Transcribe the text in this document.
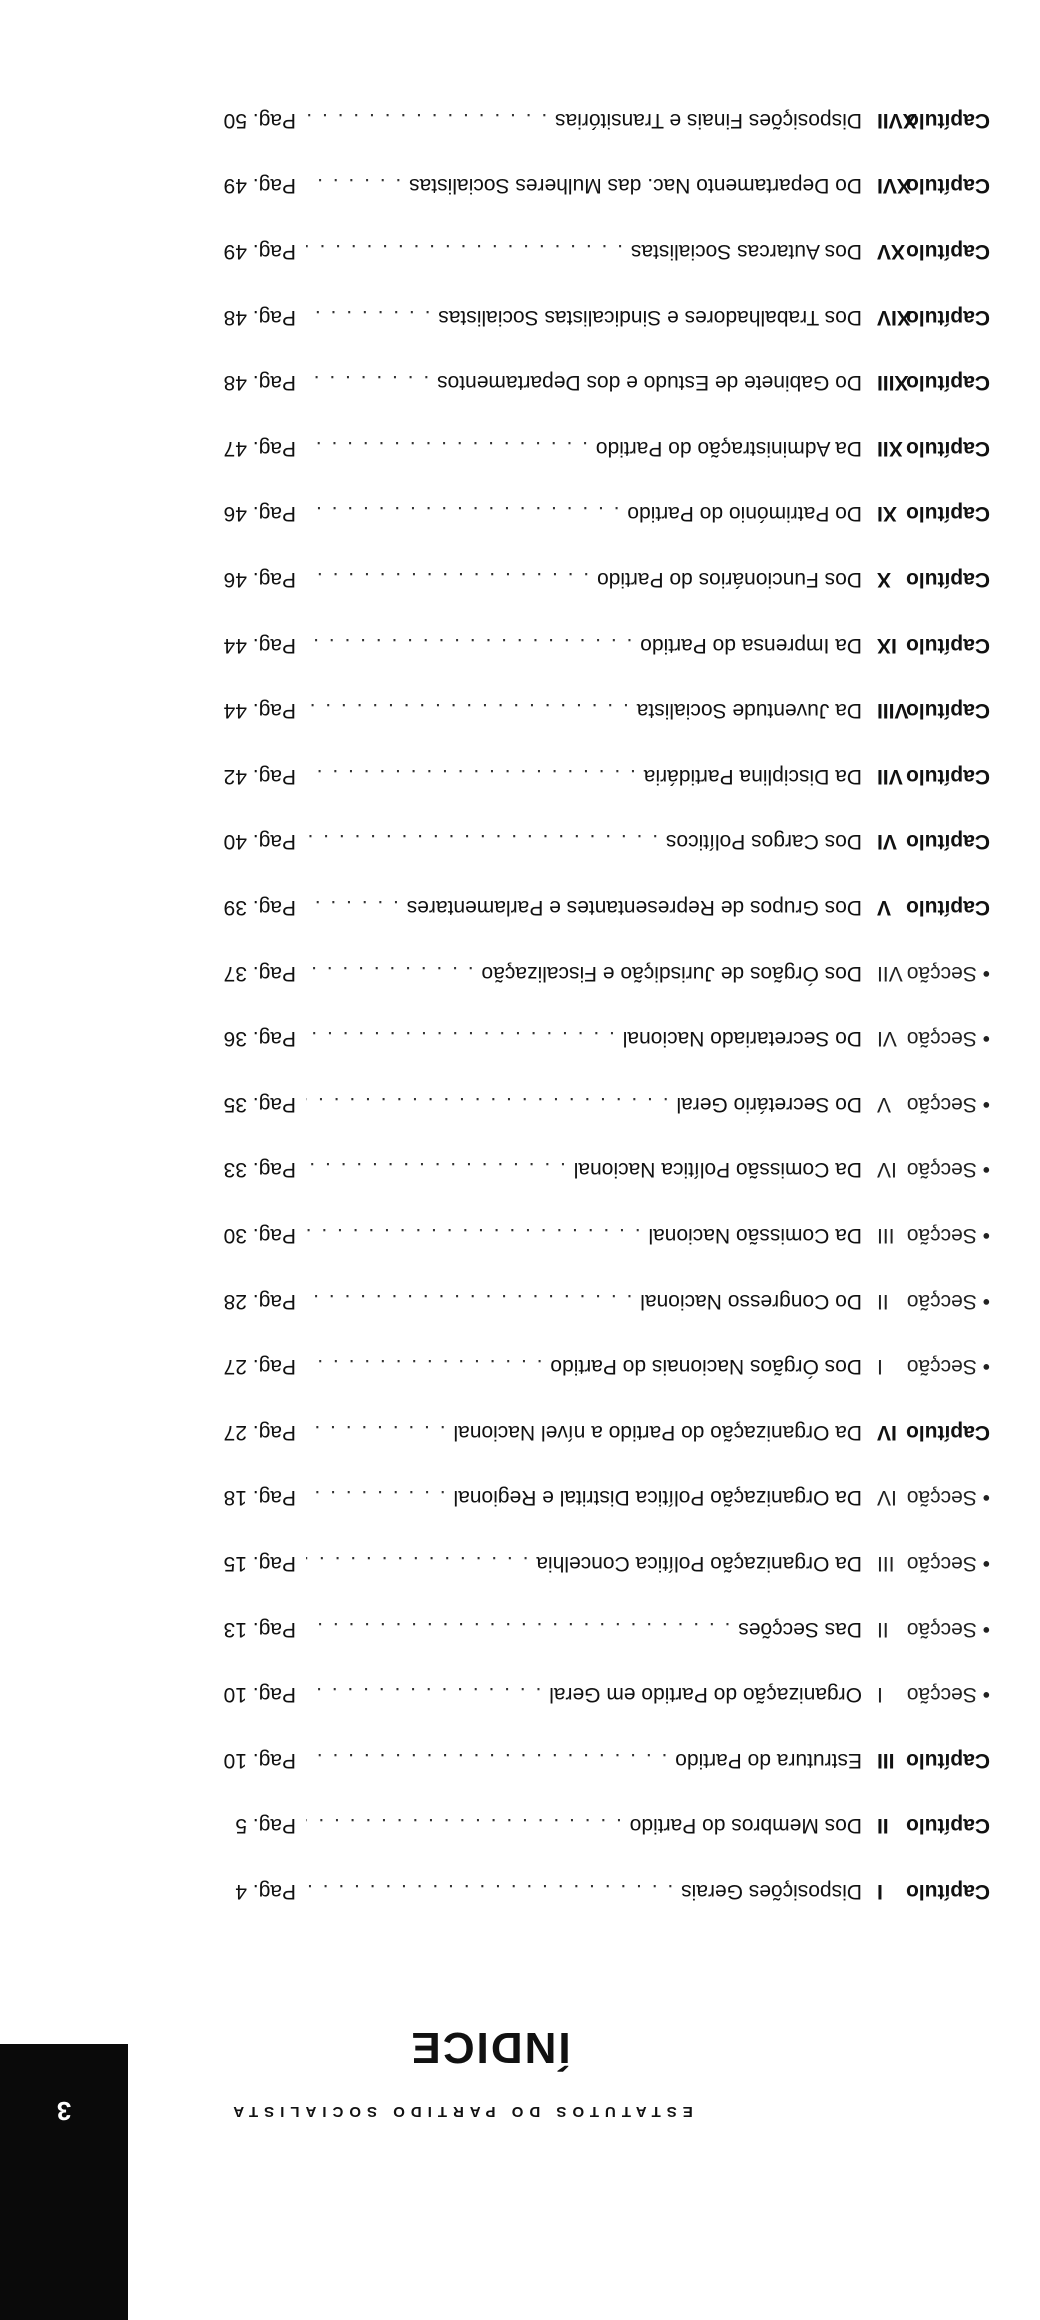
3	ESTATUTOS DO PARTIDO SOCIALISTA
ÍNDICE
Capítulo
I
Disposições Gerais . . .
Pag. 4
Capítulo
II
Dos Membros do Partido . . .
Pag. 5
Capítulo
III
Estrutura do Partido . . .
Pag. 10
• Secção
I
Organização do Partido em Geral . . .
Pag. 10
• Secção
II
Das Secções . . .
Pag. 13
• Secção
III
Da Organização Política Concelhia . . .
Pag. 15
• Secção
IV
Da Organização Política Distrital e Regional . . .
Pag. 18
Capítulo
IV
Da Organização do Partido a nível Nacional . . .
Pag. 27
• Secção
I
Dos Órgãos Nacionais do Partido . . .
Pag. 27
• Secção
II
Do Congresso Nacional . . .
Pag. 28
• Secção
III
Da Comissão Nacional . . .
Pag. 30
• Secção
IV
Da Comissão Política Nacional . . .
Pag. 33
• Secção
V
Do Secretário Geral . . .
Pag. 35
• Secção
VI
Do Secretariado Nacional . . .
Pag. 36
• Secção
VII
Dos Órgãos de Jurisdição e Fiscalização . . .
Pag. 37
Capítulo
V
Dos Grupos de Representantes e Parlamentares . . .
Pag. 39
Capítulo
VI
Dos Cargos Políticos . . .
Pag. 40
Capítulo
VII
Da Disciplina Partidária . . .
Pag. 42
Capítulo
VIII
Da Juventude Socialista . . .
Pag. 44
Capítulo
IX
Da Imprensa do Partido . . .
Pag. 44
Capítulo
X
Dos Funcionários do Partido . . .
Pag. 46
Capítulo
XI
Do Património do Partido . . .
Pag. 46
Capítulo
XII
Da Administração do Partido . . .
Pag. 47
Capítulo
XIII
Do Gabinete de Estudo e dos Departamentos . . .
Pag. 48
Capítulo
XIV
Dos Trabalhadores e Sindicalistas Socialistas . . .
Pag. 48
Capítulo
XV
Dos Autarcas Socialistas . . .
Pag. 49
Capítulo
XVI
Do Departamento Nac. das Mulheres Socialistas . . .
Pag. 49
Capítulo
XVII
Disposições Finais e Transitórias . . .
Pag. 50
